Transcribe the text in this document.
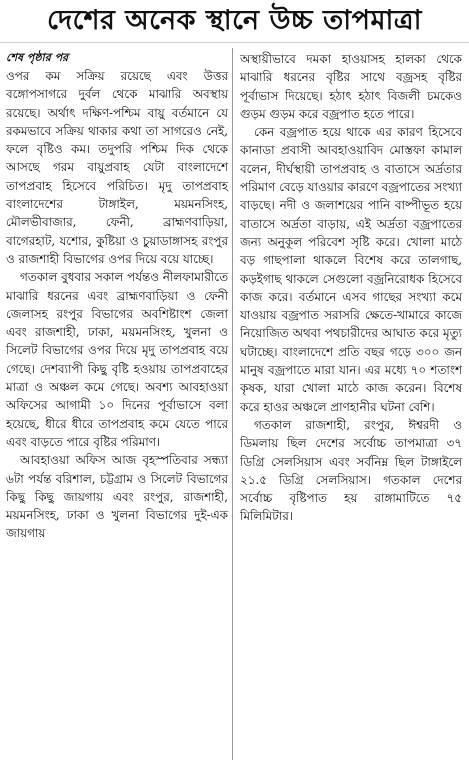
দেশের অনেক স্থানে উচ্চ তাপমাত্রা
শেষ পৃষ্ঠার পর

ওপর কম সক্রিয় রয়েছে এবং উত্তর বঙ্গোপসাগরে দুর্বল থেকে মাঝারি অবস্থায় রয়েছে। অর্থাৎ দক্ষিণ-পশ্চিম বায়ু বর্তমানে যে রকমভাবে সক্রিয় থাকার কথা তা সাগরেও নেই, ফলে বৃষ্টিও কম। তদুপরি পশ্চিম দিক থেকে আসছে গরম বায়ুপ্রবাহ যেটা বাংলাদেশে তাপপ্রবাহ হিসেবে পরিচিত। মৃদু তাপপ্রবাহ বাংলাদেশের টাঙ্গাইল, ময়মনসিংহ, মৌলভীবাজার, ফেনী, ব্রাহ্মণবাড়িয়া, বাগেরহাট, যশোর, কুষ্টিয়া ও চুয়াডাঙ্গাসহ রংপুর ও রাজশাহী বিভাগের ওপর দিয়ে বয়ে যাচ্ছে।

গতকাল বুধবার সকাল পর্যন্তও নীলফামারীতে মাঝারি ধরনের এবং ব্রাহ্মণবাড়িয়া ও ফেনী জেলাসহ রংপুর বিভাগের অবশিষ্টাংশ জেলা এবং রাজশাহী, ঢাকা, ময়মনসিংহ, খুলনা ও সিলেট বিভাগের ওপর দিয়ে মৃদু তাপপ্রবাহ বয়ে গেছে। দেশব্যাপী কিছু বৃষ্টি হওয়ায় তাপপ্রবাহের মাত্রা ও অঞ্চল কমে গেছে। অবশ্য আবহাওয়া অফিসের আগামী ১০ দিনের পূর্বাভাসে বলা হয়েছে, ধীরে ধীরে তাপপ্রবাহ কমে যেতে পারে এবং বাড়তে পারে বৃষ্টির পরিমাণ।

আবহাওয়া অফিস আজ বৃহস্পতিবার সন্ধ্যা ৬টা পর্যন্ত বরিশাল, চট্টগ্রাম ও সিলেট বিভাগের কিছু কিছু জায়গায় এবং রংপুর, রাজশাহী, ময়মনসিংহ, ঢাকা ও খুলনা বিভাগের দুই-এক জায়গায়

অস্থায়ীভাবে দমকা হাওয়াসহ হালকা থেকে মাঝারি ধরনের বৃষ্টির সাথে বজ্রসহ বৃষ্টির পূর্বাভাস দিয়েছে। হঠাৎ হঠাৎ বিজলী চমকেও গুড়ম গুড়ম করে বজ্রপাত হতে পারে।

কেন বজ্রপাত হয়ে থাকে এর কারণ হিসেবে কানাডা প্রবাসী আবহাওয়াবিদ মোস্তফা কামাল বলেন, দীর্ঘস্থায়ী তাপপ্রবাহ ও বাতাসে অর্দ্রতার পরিমাণ বেড়ে যাওয়ার কারণে বজ্রপাতের সংখ্যা বাড়ছে। নদী ও জলাশয়ের পানি বাষ্পীভূত হয়ে বাতাসে অর্দ্রতা বাড়ায়, এই অর্দ্রতা বজ্রপাতের জন্য অনুকূল পরিবেশ সৃষ্টি করে। খোলা মাঠে বড় গাছপালা থাকলে বিশেষ করে তালগাছ, কড়ইগাছ থাকলে সেগুলো বজ্রনিরোধক হিসেবে কাজ করে। বর্তমানে এসব গাছের সংখ্যা কমে যাওয়ায় বজ্রপাত সরাসরি ক্ষেতে-খামারে কাজে নিয়োজিত অথবা পথচারীদের আঘাত করে মৃত্যু ঘটাচ্ছে। বাংলাদেশে প্রতি বছর গড়ে ৩০০ জন মানুষ বজ্রপাতে মারা যান। এর মধ্যে ৭০ শতাংশ কৃষক, যারা খোলা মাঠে কাজ করেন। বিশেষ করে হাওর অঞ্চলে প্রাণহানীর ঘটনা বেশি।

গতকাল রাজশাহী, রংপুর, ঈশ্বরদী ও ডিমলায় ছিল দেশের সর্বোচ্চ তাপমাত্রা ৩৭ ডিগ্রি সেলসিয়াস এবং সর্বনিম্ন ছিল টাঙ্গাইলে ২১.৫ ডিগ্রি সেলসিয়াস। গতকাল দেশের সর্বোচ্চ বৃষ্টিপাত হয় রাঙ্গামাটিতে ৭৫ মিলিমিটার।
